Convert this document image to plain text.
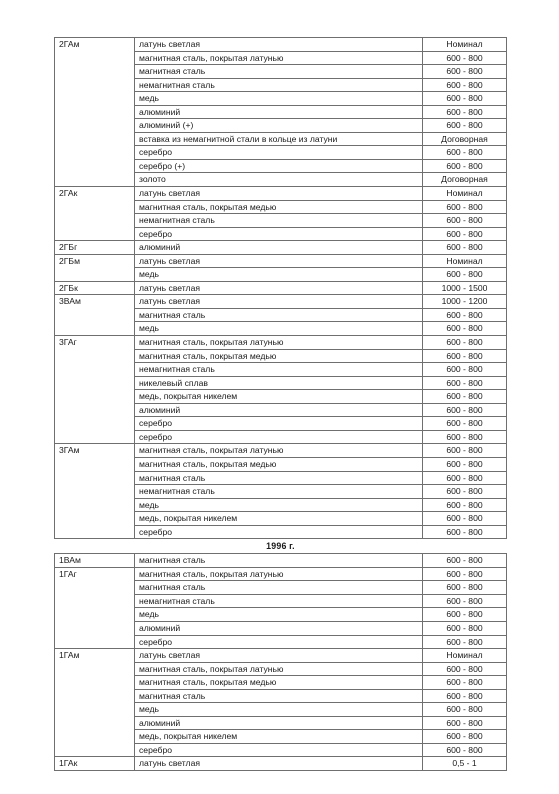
2ГАм	латунь светлая	Номинал
	магнитная сталь, покрытая латунью	600 - 800
	магнитная сталь	600 - 800
	немагнитная сталь	600 - 800
	медь	600 - 800
	алюминий	600 - 800
	алюминий (+)	600 - 800
	вставка из немагнитной стали в кольце из латуни	Договорная
	серебро	600 - 800
	серебро (+)	600 - 800
	золото	Договорная
2ГАк	латунь светлая	Номинал
	магнитная сталь, покрытая медью	600 - 800
	немагнитная сталь	600 - 800
	серебро	600 - 800
2ГБг	алюминий	600 - 800
2ГБм	латунь светлая	Номинал
	медь	600 - 800
2ГБк	латунь светлая	1000 - 1500
3ВАм	латунь светлая	1000 - 1200
	магнитная сталь	600 - 800
	медь	600 - 800
3ГАг	магнитная сталь, покрытая латунью	600 - 800
	магнитная сталь, покрытая медью	600 - 800
	немагнитная сталь	600 - 800
	никелевый сплав	600 - 800
	медь, покрытая никелем	600 - 800
	алюминий	600 - 800
	серебро	600 - 800
	серебро	600 - 800
3ГАм	магнитная сталь, покрытая латунью	600 - 800
	магнитная сталь, покрытая медью	600 - 800
	магнитная сталь	600 - 800
	немагнитная сталь	600 - 800
	медь	600 - 800
	медь, покрытая никелем	600 - 800
	серебро	600 - 800
1996 г.
1ВАм	магнитная сталь	600 - 800
1ГАг	магнитная сталь, покрытая латунью	600 - 800
	магнитная сталь	600 - 800
	немагнитная сталь	600 - 800
	медь	600 - 800
	алюминий	600 - 800
	серебро	600 - 800
1ГАм	латунь светлая	Номинал
	магнитная сталь, покрытая латунью	600 - 800
	магнитная сталь, покрытая медью	600 - 800
	магнитная сталь	600 - 800
	медь	600 - 800
	алюминий	600 - 800
	медь, покрытая никелем	600 - 800
	серебро	600 - 800
1ГАк	латунь светлая	0,5 - 1
